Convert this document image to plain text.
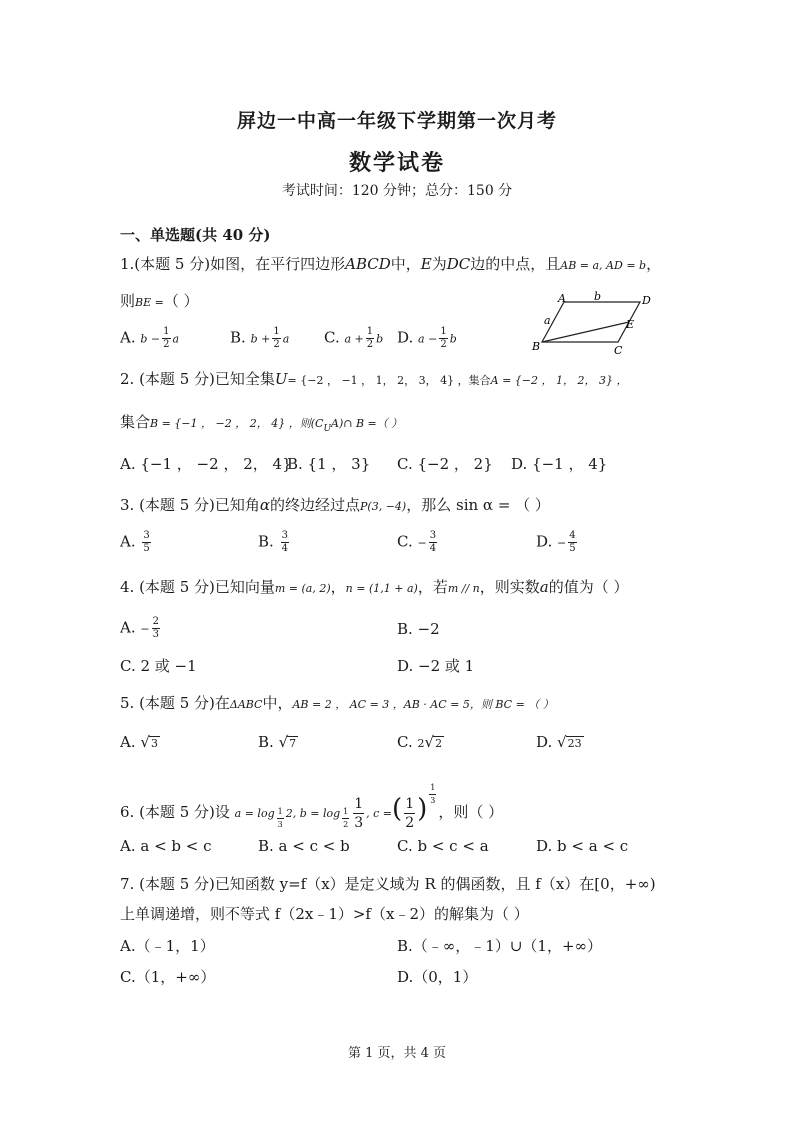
屏边一中高一年级下学期第一次月考
数学试卷
考试时间：120 分钟；总分：150 分
一、单选题(共 40 分)
1.(本题 5 分)如图，在平行四边形ABCD中，E为DC边的中点，且AB = a, AD = b，
则BE =（ ）
A. $b - \frac{1}{2}$ a	B. $b + \frac{1}{2}$ a C. $a + \frac{1}{2}$ b D. $a - \frac{1}{2}$ b
A	D
B	C
E
b
a
2. (本题 5 分)已知全集U= {−2 ， −1 ， 1， 2， 3， 4} ，集合A = {−2 ， 1， 2， 3} ，
集合B = {−1 ， −2 ， 2， 4} ，则$(C_UA)\cap$ B =（ ）
A. {−1 ， −2 ， 2， 4}
B. {1 ， 3} C. {−2 ， 2} D. {−1 ， 4}
3. (本题 5 分)已知角α的终边经过点P(3, −4)，那么 sin α = （ ）
A. $\frac{3}{5}$	B. $\frac{3}{4}$	C. − $\frac{3}{4}$	D. − $\frac{4}{5}$
4. (本题 5 分)已知向量m = (a, 2)，n = (1,1 + a)，若m // n，则实数a的值为（ ）
A. − $\frac{2}{3}$	B. −2
C. 2 或 −1	D. −2 或 1
5. (本题 5 分)在ΔABC中，AB = 2 ， AC = 3 ，AB · AC = 5，则 BC = （ ）
A. √3	B. √7	C. 2√2	D. √23
6. (本题 5 分)设 $a = \log \frac{1}{3} 2$, $b = \log \frac{1}{2} \frac{1}{3}$ , c =( $\frac{1}{2}$ ) $\frac{1}{3}$
，则（ ）
A. a < b < c	B. a < c < b	C. b < c < a	D. b < a < c
7. (本题 5 分)已知函数 y=f（x）是定义域为 R 的偶函数，且 f（x）在[0，+∞)
上单调递增，则不等式 f（2x﹣1）>f（x﹣2）的解集为（ ）
A.（﹣1，1）	B.（﹣∞，﹣1）∪（1，+∞）
C.（1，+∞）	D.（0，1）
第 1 页，共 4 页
